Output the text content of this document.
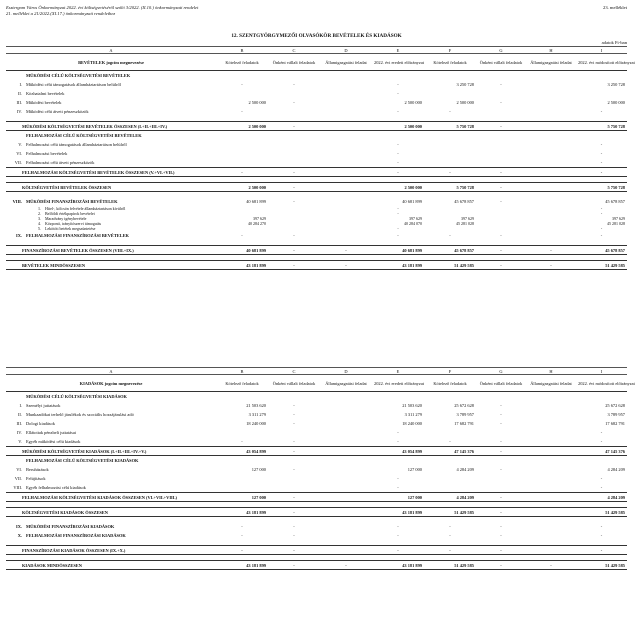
Esztergom Város Önkormányzat 2022. évi költségvetéséről szóló 3/2022. (II.10.) önkormányzati rendelet
21. melléklet a 21/2022.(XI.17.) önkormányzati rendelethez
23. melléklet
12. SZENTGYÖRGYMEZŐI OLVASÓKÖR BEVÉTELEK ÉS KIADÁSOK
adatok Ft-ban
A	B	C	D	E	F	G	H	I
BEVÉTELEK jogcím megnevezése	Kötelező feladatok	Önként vállalt feladatok	Államigazgatási feladat	2022. évi eredeti előirányzat	Kötelező feladatok	Önként vállalt feladatok	Államigazgatási feladat	2022. évi módosított előirányzat
MŰKÖDÉSI CÉLÚ KÖLTSÉGVETÉSI BEVÉTELEK								
I. Működési célú támogatások államháztartáson belülről	-	-		-	3 250 728	-		3 250 728
II. Közhatalmi bevételek				-				
III. Működési bevételek	2 500 000	-		2 500 000	2 500 000	-		2 500 000
IV. Működési célú átvett pénzeszközök	-			-	-			-

MŰKÖDÉSI KÖLTSÉGVETÉSI BEVÉTELEK ÖSSZESEN (I.+II.+III.+IV.)	2 500 000	-		2 500 000	5 750 728	-		5 750 728
FELHALMOZÁSI CÉLÚ KÖLTSÉGVETÉSI BEVÉTELEK								
V. Felhalmozási célú támogatások államháztartáson belülről				-				-
VI. Felhalmozási bevételek				-				-
VII. Felhalmozási célú átvett pénzeszközök				-				-
FELHALMOZÁSI KÖLTSÉGVETÉSI BEVÉTELEK ÖSSZESEN (V.+VI.+VII.)	-	-		-	-	-		-

KÖLTSÉGVETÉSI BEVÉTELEK ÖSSZESEN	2 500 000	-		2 500 000	5 750 728	-		5 750 728

VIII. MŰKÖDÉSI FINANSZÍROZÁSI BEVÉTELEK	40 681 899	-		40 681 899	45 678 857	-		45 678 857
1. Hitel-, kölcsön felvétele államháztartáson kívülről				-				-
2. Belföldi értékpapírok bevételei				-				-
3. Maradvány igénybevétele	397 629			397 629	397 629			397 629
4. Központi, irányítószervi támogatás	40 284 270			40 284 070	45 281 028			45 281 028
5. Lekötött betétek megszüntetése				-				-
IX. FELHALMOZÁSI FINANSZÍROZÁSI BEVÉTELEK	-	-		-	-	-		-

FINANSZÍROZÁSI BEVÉTELEK ÖSSZESEN (VIII.+IX.)	40 681 899	-	-	40 681 899	45 678 857	-	-	45 678 857

BEVÉTELEK MINDÖSSZESEN	43 181 899	-	-	43 181 899	51 429 585	-	-	51 429 585
A	B	C	D	E	F	G	H	I
KIADÁSOK jogcím megnevezése	Kötelező feladatok	Önként vállalt feladatok	Államigazgatási feladat	2022. évi eredeti előirányzat	Kötelező feladatok	Önként vállalt feladatok	Államigazgatási feladat	2022. évi módosított előirányzat
MŰKÖDÉSI CÉLÚ KÖLTSÉGVETÉSI KIADÁSOK								
I. Személyi juttatások	21 503 620	-		21 503 620	25 672 628	-		25 672 628
II. Munkaadókat terhelő járulékok és szociális hozzájárulási adó	3 311 279	-		3 311 279	3 789 957	-		3 789 957
III. Dologi kiadások	18 240 000	-		18 240 000	17 682 791	-		17 682 791
IV. Ellátottak pénzbeli juttatásai				-				-
V. Egyéb működési célú kiadások	-	-		-	-	-		-
MŰKÖDÉSI KÖLTSÉGVETÉSI KIADÁSOK (I.+II.+III.+IV.+V.)	43 054 899	-		43 054 899	47 145 376	-		47 145 376
FELHALMOZÁSI CÉLÚ KÖLTSÉGVETÉSI KIADÁSOK								
VI. Beruházások	127 000	-		127 000	4 284 209	-		4 284 209
VII. Felújítások				-				-
VIII. Egyéb felhalmozási célú kiadások				-				-
FELHALMOZÁSI KÖLTSÉGVETÉSI KIADÁSOK ÖSSZESEN (VI.+VII.+VIII.)	127 000	-		127 000	4 284 209	-		4 284 209

KÖLTSÉGVETÉSI KIADÁSOK ÖSSZESEN	43 181 899	-		43 181 899	51 429 585	-		51 429 585

IX. MŰKÖDÉSI FINANSZÍROZÁSI KIADÁSOK	-	-		-	-	-		-
X. FELHALMOZÁSI FINANSZÍROZÁSI KIADÁSOK	-	-		-	-	-		-

FINANSZÍROZÁSI KIADÁSOK ÖSSZESEN (IX.+X.)	-	-		-	-	-		-

KIADÁSOK MINDÖSSZESEN	43 181 899	-	-	43 181 899	51 429 585	-	-	51 429 585
